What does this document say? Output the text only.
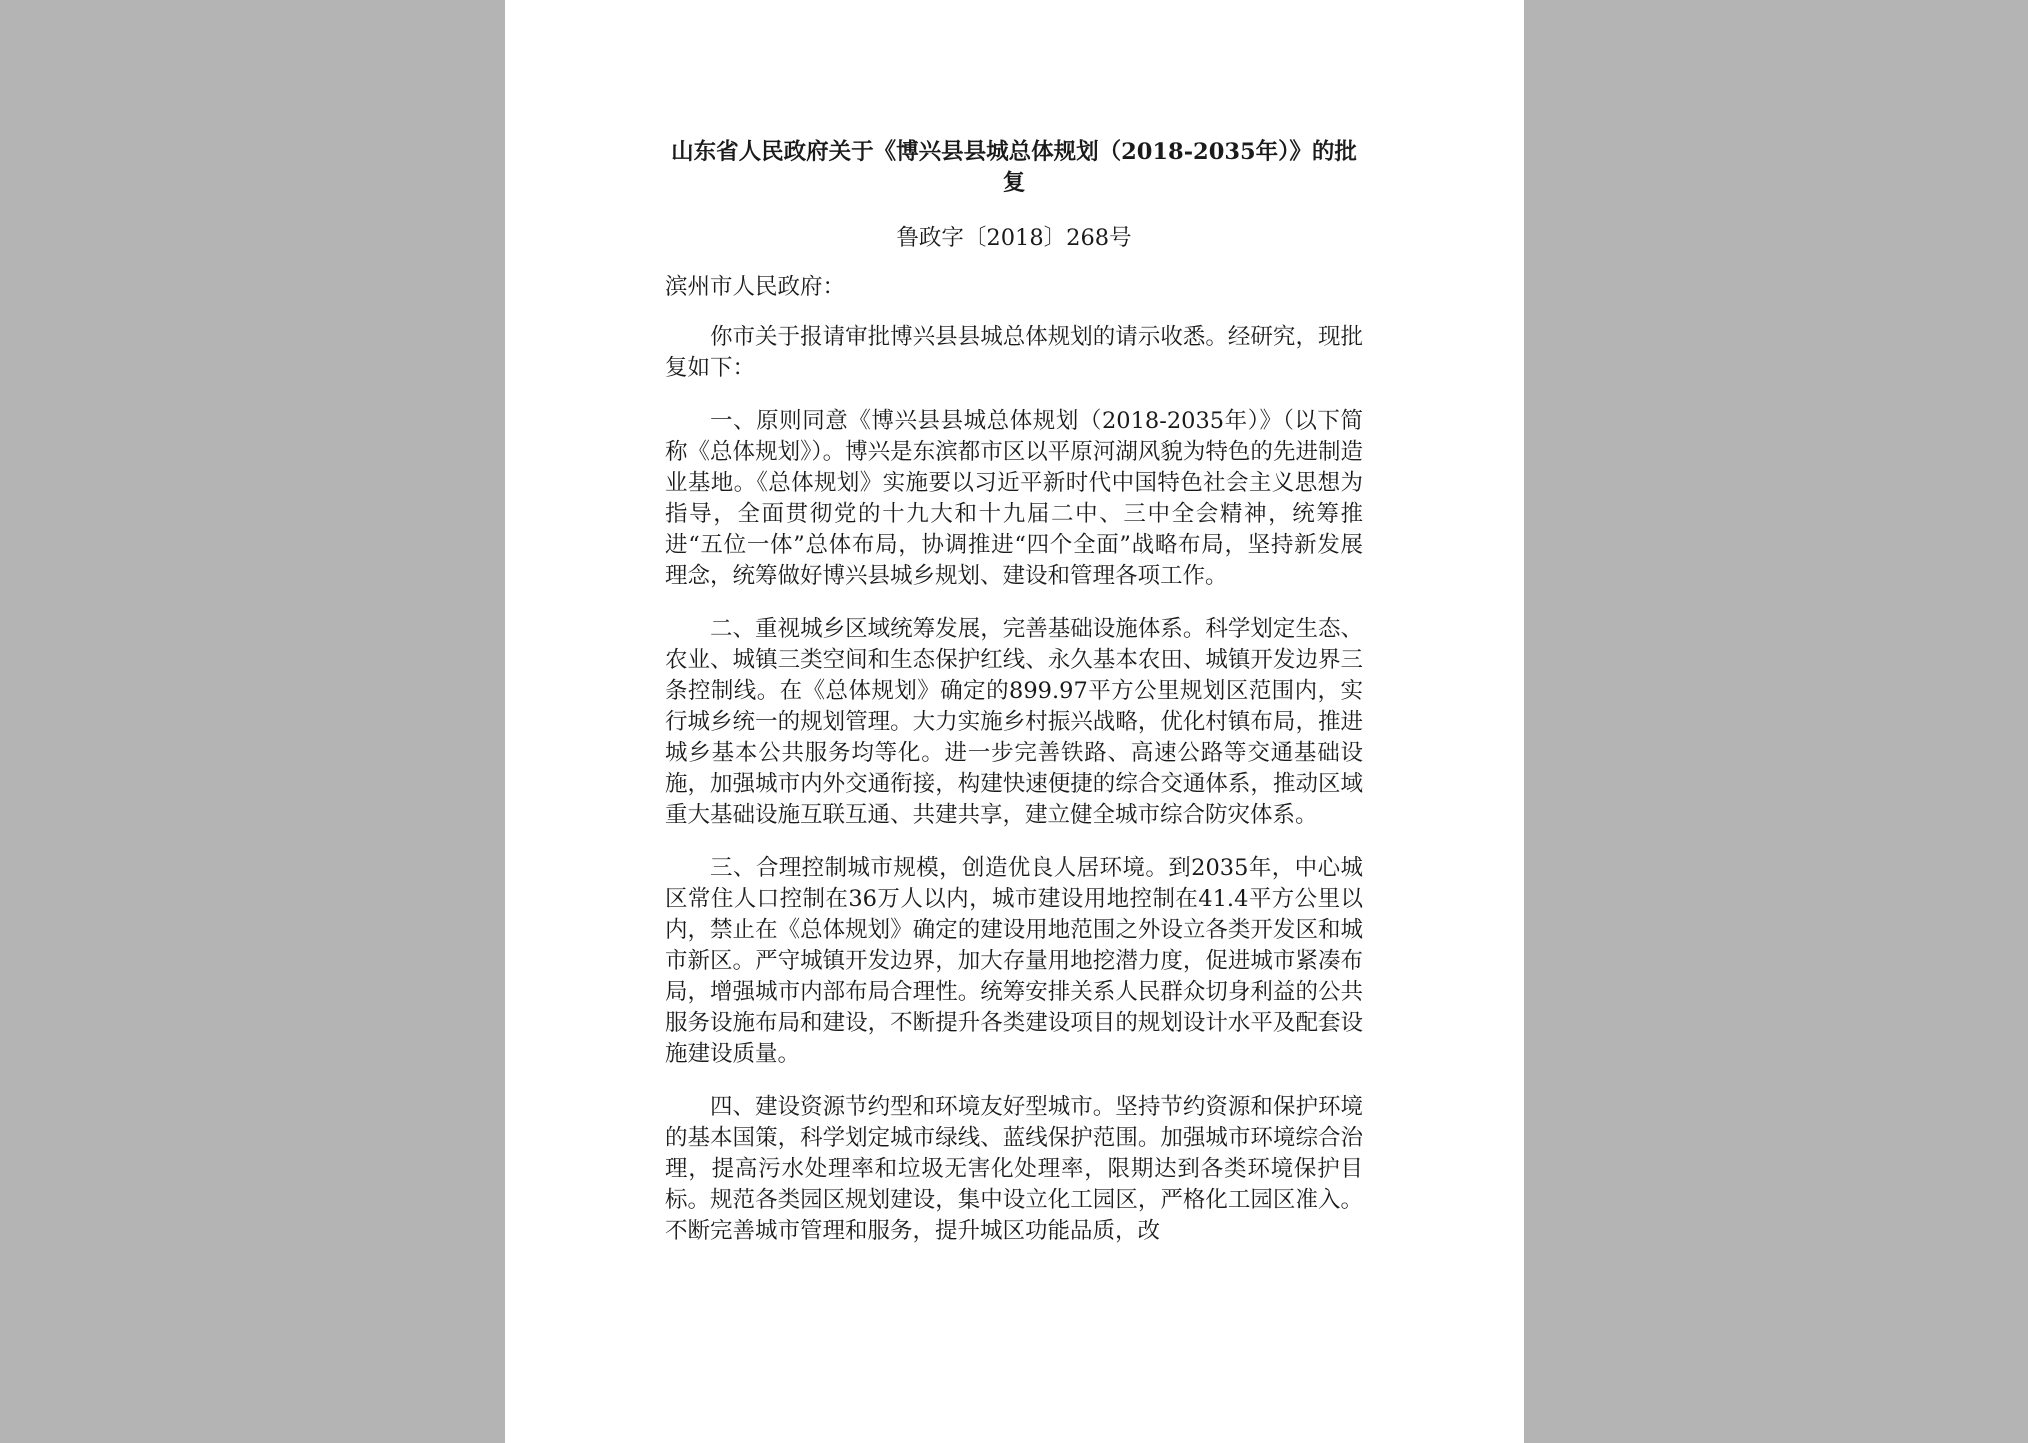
山东省人民政府关于《博兴县县城总体规划（2018-2035年）》的批复
鲁政字〔2018〕268号
滨州市人民政府：

你市关于报请审批博兴县县城总体规划的请示收悉。经研究，现批复如下：

一、原则同意《博兴县县城总体规划（2018-2035年）》（以下简称《总体规划》）。博兴是东滨都市区以平原河湖风貌为特色的先进制造业基地。《总体规划》实施要以习近平新时代中国特色社会主义思想为指导，全面贯彻党的十九大和十九届二中、三中全会精神，统筹推进“五位一体”总体布局，协调推进“四个全面”战略布局，坚持新发展理念，统筹做好博兴县城乡规划、建设和管理各项工作。

二、重视城乡区域统筹发展，完善基础设施体系。科学划定生态、农业、城镇三类空间和生态保护红线、永久基本农田、城镇开发边界三条控制线。在《总体规划》确定的899.97平方公里规划区范围内，实行城乡统一的规划管理。大力实施乡村振兴战略，优化村镇布局，推进城乡基本公共服务均等化。进一步完善铁路、高速公路等交通基础设施，加强城市内外交通衔接，构建快速便捷的综合交通体系，推动区域重大基础设施互联互通、共建共享，建立健全城市综合防灾体系。

三、合理控制城市规模，创造优良人居环境。到2035年，中心城区常住人口控制在36万人以内，城市建设用地控制在41.4平方公里以内，禁止在《总体规划》确定的建设用地范围之外设立各类开发区和城市新区。严守城镇开发边界，加大存量用地挖潜力度，促进城市紧凑布局，增强城市内部布局合理性。统筹安排关系人民群众切身利益的公共服务设施布局和建设，不断提升各类建设项目的规划设计水平及配套设施建设质量。

四、建设资源节约型和环境友好型城市。坚持节约资源和保护环境的基本国策，科学划定城市绿线、蓝线保护范围。加强城市环境综合治理，提高污水处理率和垃圾无害化处理率，限期达到各类环境保护目标。规范各类园区规划建设，集中设立化工园区，严格化工园区准入。不断完善城市管理和服务，提升城区功能品质，改
